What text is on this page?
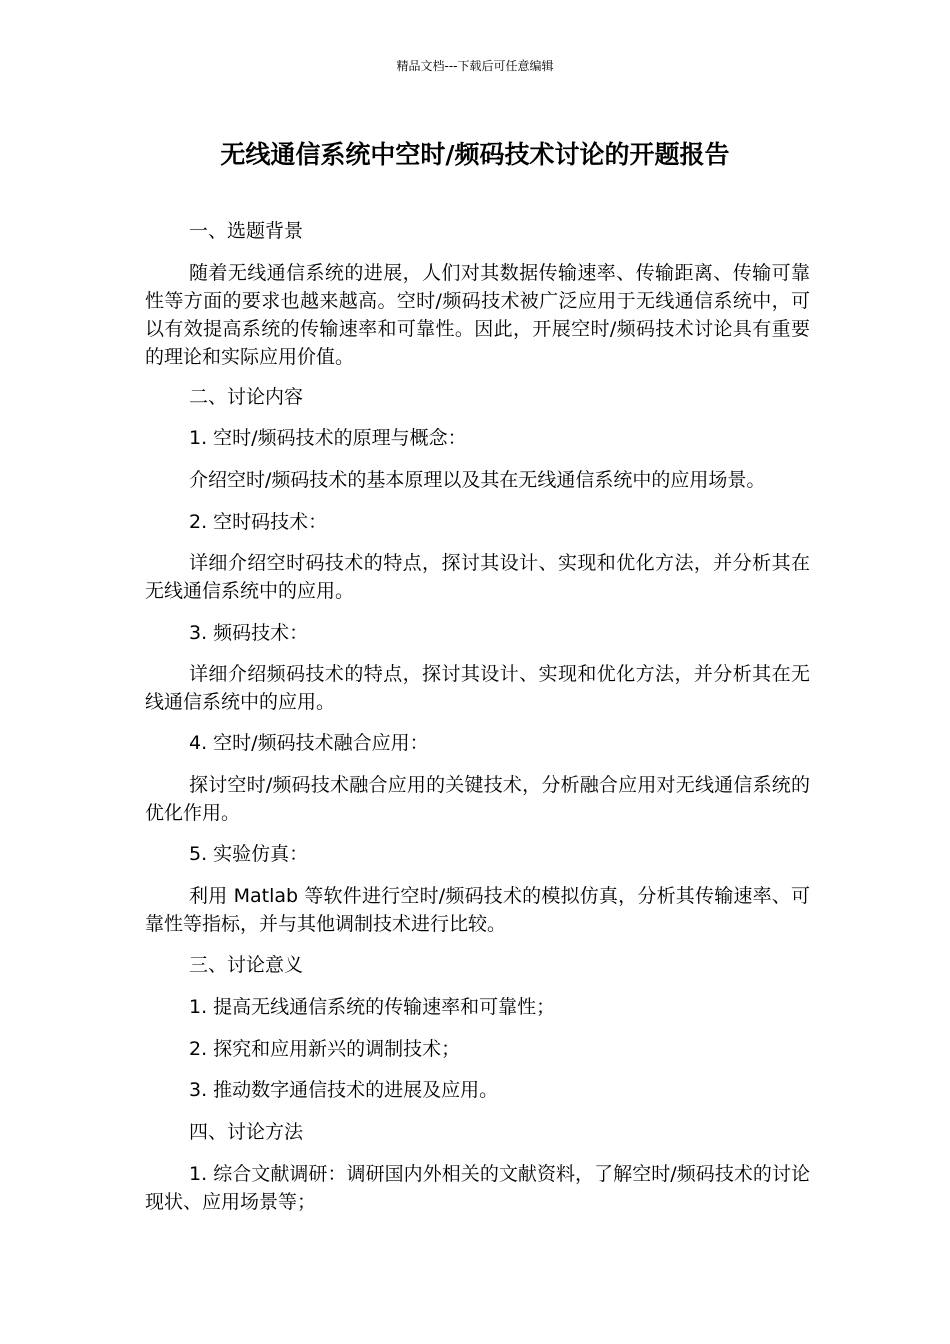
精品文档---下载后可任意编辑
无线通信系统中空时/频码技术讨论的开题报告

一、选题背景

随着无线通信系统的进展，人们对其数据传输速率、传输距离、传输可靠性等方面的要求也越来越高。空时/频码技术被广泛应用于无线通信系统中，可以有效提高系统的传输速率和可靠性。因此，开展空时/频码技术讨论具有重要的理论和实际应用价值。

二、讨论内容

1. 空时/频码技术的原理与概念：

介绍空时/频码技术的基本原理以及其在无线通信系统中的应用场景。

2. 空时码技术：

详细介绍空时码技术的特点，探讨其设计、实现和优化方法，并分析其在无线通信系统中的应用。

3. 频码技术：

详细介绍频码技术的特点，探讨其设计、实现和优化方法，并分析其在无线通信系统中的应用。

4. 空时/频码技术融合应用：

探讨空时/频码技术融合应用的关键技术，分析融合应用对无线通信系统的优化作用。

5. 实验仿真：

利用 Matlab 等软件进行空时/频码技术的模拟仿真，分析其传输速率、可靠性等指标，并与其他调制技术进行比较。

三、讨论意义

1. 提高无线通信系统的传输速率和可靠性；

2. 探究和应用新兴的调制技术；

3. 推动数字通信技术的进展及应用。

四、讨论方法

1. 综合文献调研：调研国内外相关的文献资料，了解空时/频码技术的讨论现状、应用场景等；
